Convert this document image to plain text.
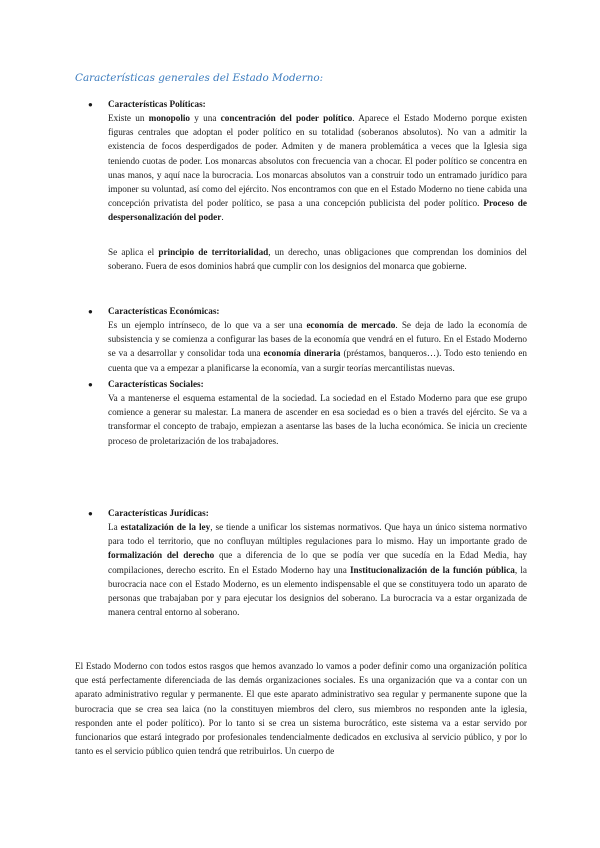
Características generales del Estado Moderno:

● Características Políticas:

Existe un monopolio y una concentración del poder político. Aparece el Estado Moderno porque existen figuras centrales que adoptan el poder político en su totalidad (soberanos absolutos). No van a admitir la existencia de focos desperdigados de poder. Admiten y de manera problemática a veces que la Iglesia siga teniendo cuotas de poder. Los monarcas absolutos con frecuencia van a chocar. El poder político se concentra en unas manos, y aquí nace la burocracia. Los monarcas absolutos van a construir todo un entramado jurídico para imponer su voluntad, así como del ejército. Nos encontramos con que en el Estado Moderno no tiene cabida una concepción privatista del poder político, se pasa a una concepción publicista del poder político. Proceso de despersonalización del poder.

Se aplica el principio de territorialidad, un derecho, unas obligaciones que comprendan los dominios del soberano. Fuera de esos dominios habrá que cumplir con los designios del monarca que gobierne.

● Características Económicas:

Es un ejemplo intrínseco, de lo que va a ser una economía de mercado. Se deja de lado la economía de subsistencia y se comienza a configurar las bases de la economía que vendrá en el futuro. En el Estado Moderno se va a desarrollar y consolidar toda una economía dineraria (préstamos, banqueros…). Todo esto teniendo en cuenta que va a empezar a planificarse la economía, van a surgir teorías mercantilistas nuevas.

● Características Sociales:

Va a mantenerse el esquema estamental de la sociedad. La sociedad en el Estado Moderno para que ese grupo comience a generar su malestar. La manera de ascender en esa sociedad es o bien a través del ejército. Se va a transformar el concepto de trabajo, empiezan a asentarse las bases de la lucha económica. Se inicia un creciente proceso de proletarización de los trabajadores.

● Características Jurídicas:

La estatalización de la ley, se tiende a unificar los sistemas normativos. Que haya un único sistema normativo para todo el territorio, que no confluyan múltiples regulaciones para lo mismo. Hay un importante grado de formalización del derecho que a diferencia de lo que se podía ver que sucedía en la Edad Media, hay compilaciones, derecho escrito. En el Estado Moderno hay una Institucionalización de la función pública, la burocracia nace con el Estado Moderno, es un elemento indispensable el que se constituyera todo un aparato de personas que trabajaban por y para ejecutar los designios del soberano. La burocracia va a estar organizada de manera central entorno al soberano.

El Estado Moderno con todos estos rasgos que hemos avanzado lo vamos a poder definir como una organización política que está perfectamente diferenciada de las demás organizaciones sociales. Es una organización que va a contar con un aparato administrativo regular y permanente. El que este aparato administrativo sea regular y permanente supone que la burocracia que se crea sea laica (no la constituyen miembros del clero, sus miembros no responden ante la iglesia, responden ante el poder político). Por lo tanto si se crea un sistema burocrático, este sistema va a estar servido por funcionarios que estará integrado por profesionales tendencialmente dedicados en exclusiva al servicio público, y por lo tanto es el servicio público quien tendrá que retribuirlos. Un cuerpo de
